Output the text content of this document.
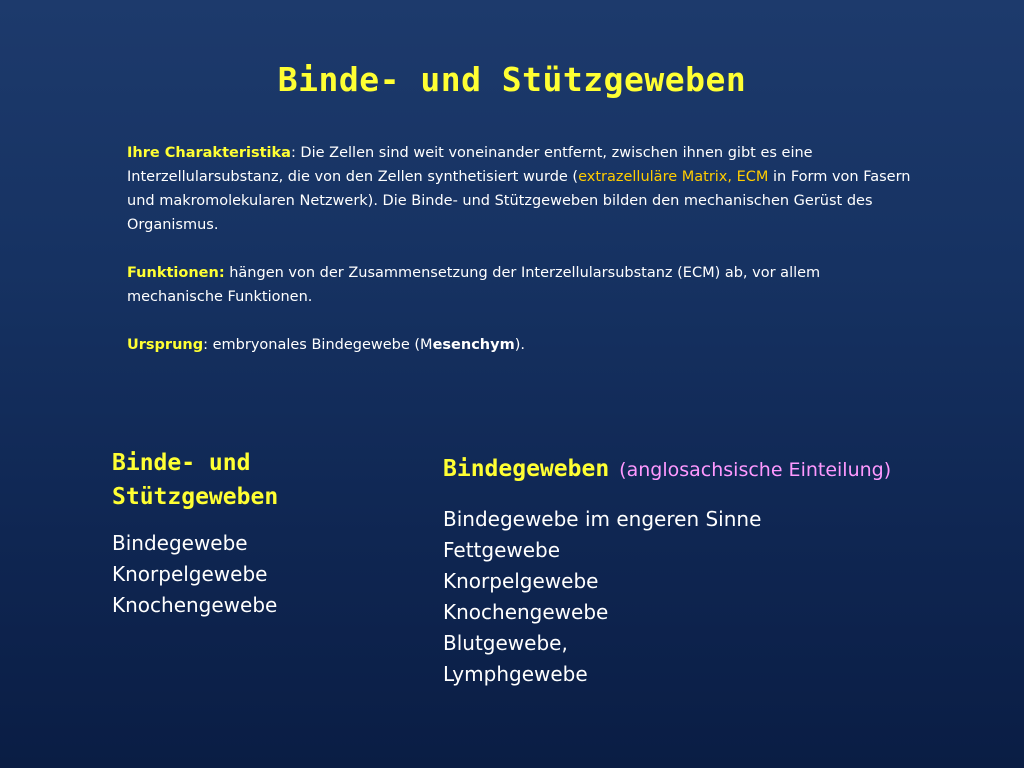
Binde- und Stützgeweben

Ihre Charakteristika: Die Zellen sind weit voneinander entfernt, zwischen ihnen gibt es eine Interzellularsubstanz, die von den Zellen synthetisiert wurde (extrazelluläre Matrix, ECM in Form von Fasern und makromolekularen Netzwerk). Die Binde- und Stützgeweben bilden den mechanischen Gerüst des Organismus.

Funktionen: hängen von der Zusammensetzung der Interzellularsubstanz (ECM) ab, vor allem mechanische Funktionen.

Ursprung: embryonales Bindegewebe (Mesenchym).

Binde- und
Stützgeweben
Bindegewebe
Knorpelgewebe
Knochengewebe
Bindegeweben (anglosachsische Einteilung)
Bindegewebe im engeren Sinne
Fettgewebe
Knorpelgewebe
Knochengewebe
Blutgewebe,
Lymphgewebe
